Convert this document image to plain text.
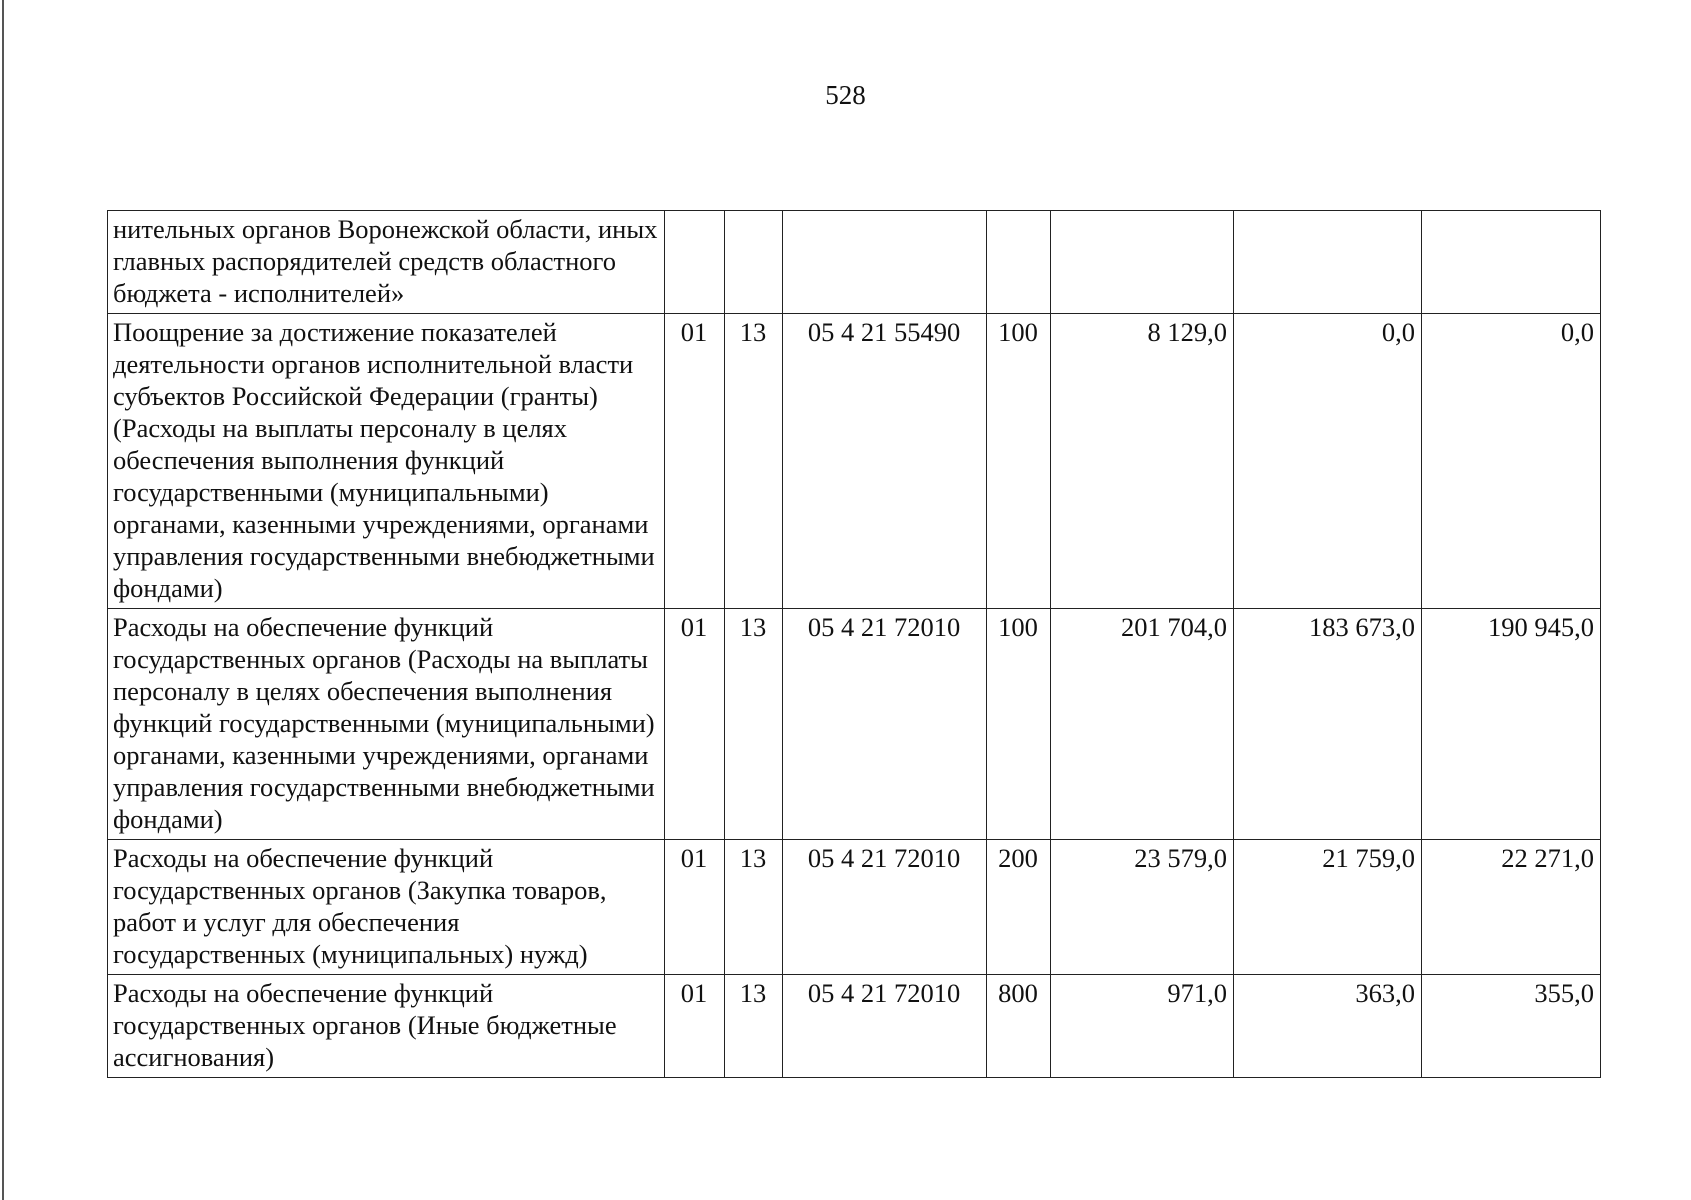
528
нительных органов Воронежской области, иных главных распорядителей средств областного бюджета - исполнителей»							
Поощрение за достижение показателей деятельности органов исполнительной власти субъектов Российской Федерации (гранты) (Расходы на выплаты персоналу в целях обеспечения выполнения функций государственными (муниципальными) органами, казенными учреждениями, органами управления государственными внебюджетными фондами)	01	13	05 4 21 55490	100	8 129,0	0,0	0,0
Расходы на обеспечение функций государственных органов (Расходы на выплаты персоналу в целях обеспечения выполнения функций государственными (муниципальными) органами, казенными учреждениями, органами управления государственными внебюджетными фондами)	01	13	05 4 21 72010	100	201 704,0	183 673,0	190 945,0
Расходы на обеспечение функций государственных органов (Закупка товаров, работ и услуг для обеспечения государственных (муниципальных) нужд)	01	13	05 4 21 72010	200	23 579,0	21 759,0	22 271,0
Расходы на обеспечение функций государственных органов (Иные бюджетные ассигнования)	01	13	05 4 21 72010	800	971,0	363,0	355,0
